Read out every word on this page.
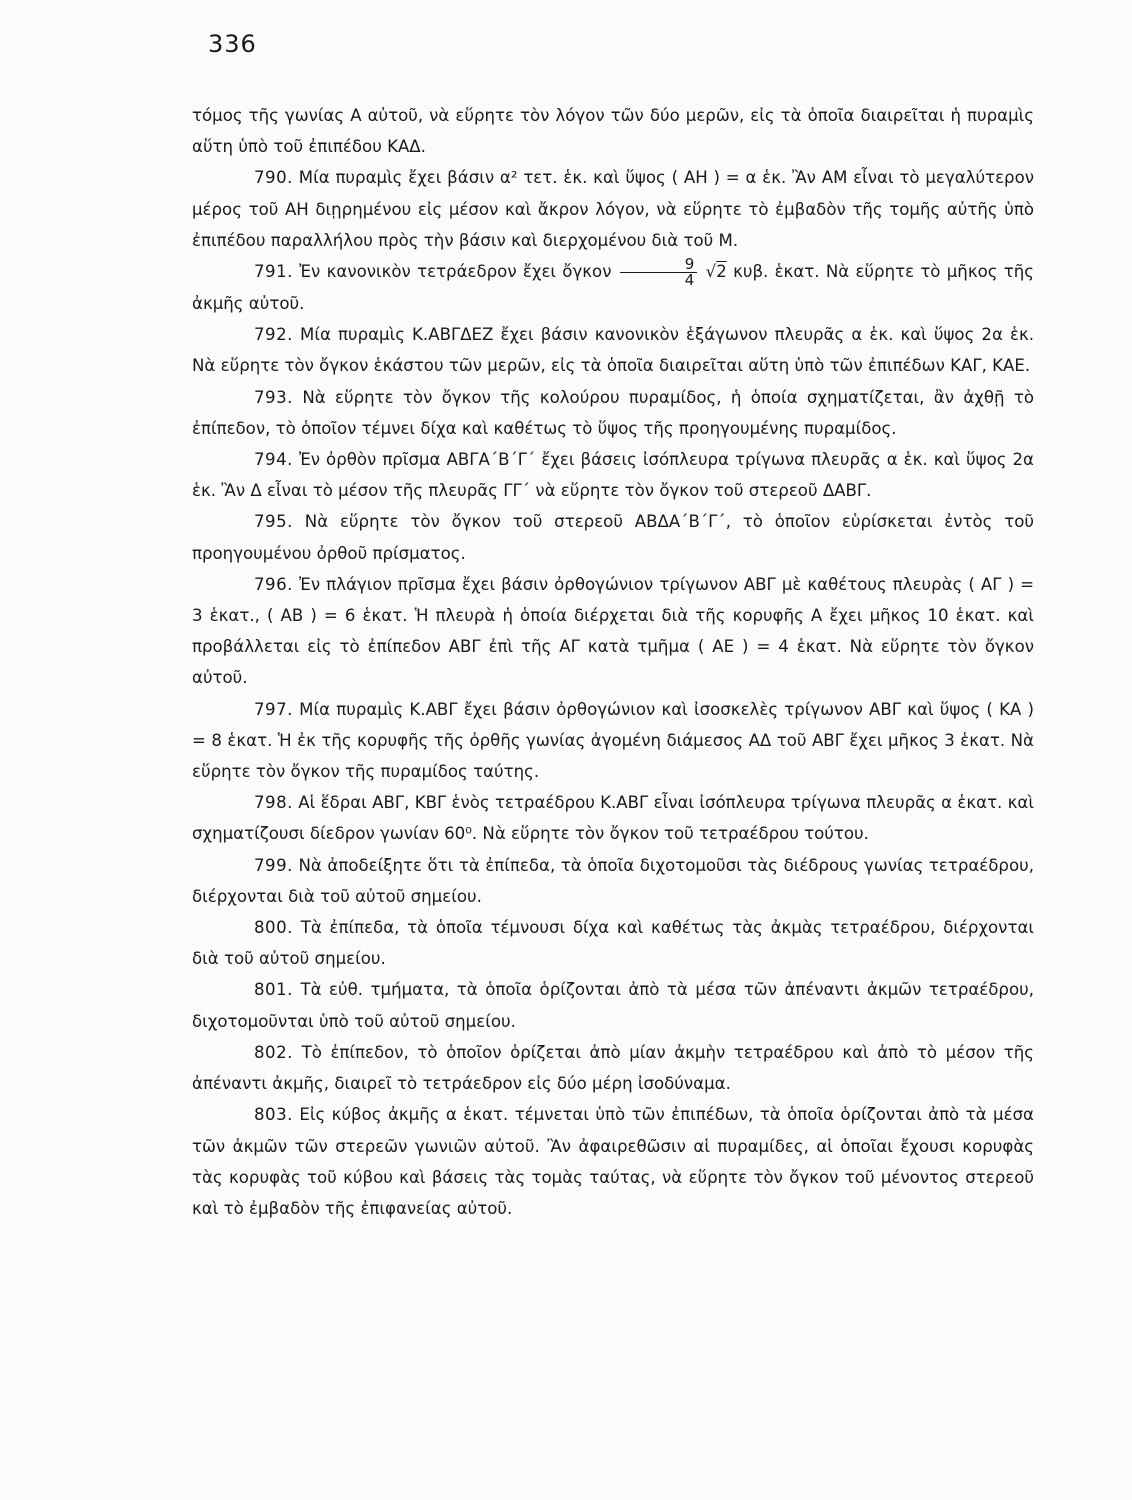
336

τόμος τῆς γωνίας Α αὐτοῦ, νὰ εὕρητε τὸν λόγον τῶν δύο μερῶν, εἰς τὰ ὁποῖα διαιρεῖται ἡ πυραμὶς αὕτη ὑπὸ τοῦ ἐπιπέδου ΚΑΔ.

790. Μία πυραμὶς ἔχει βάσιν α² τετ. ἑκ. καὶ ὕψος ( ΑΗ ) = α ἑκ. Ἂν ΑΜ εἶναι τὸ μεγαλύτερον μέρος τοῦ ΑΗ διῃρημένου εἰς μέσον καὶ ἄκρον λόγον, νὰ εὕρητε τὸ ἐμβαδὸν τῆς τομῆς αὐτῆς ὑπὸ ἐπιπέδου παραλλήλου πρὸς τὴν βάσιν καὶ διερχομένου διὰ τοῦ Μ.

791. Ἐν κανονικὸν τετράεδρον ἔχει ὄγκον $\frac{9}{4} √2$ κυβ. ἑκατ. Νὰ εὕρητε τὸ μῆκος τῆς ἀκμῆς αὐτοῦ.

792. Μία πυραμὶς Κ.ΑΒΓΔΕΖ ἔχει βάσιν κανονικὸν ἑξάγωνον πλευρᾶς α ἑκ. καὶ ὕψος 2α ἑκ. Νὰ εὕρητε τὸν ὄγκον ἑκάστου τῶν μερῶν, εἰς τὰ ὁποῖα διαιρεῖται αὕτη ὑπὸ τῶν ἐπιπέδων ΚΑΓ, ΚΑΕ.

793. Νὰ εὕρητε τὸν ὄγκον τῆς κολούρου πυραμίδος, ἡ ὁποία σχηματίζεται, ἂν ἀχθῇ τὸ ἐπίπεδον, τὸ ὁποῖον τέμνει δίχα καὶ καθέτως τὸ ὕψος τῆς προηγουμένης πυραμίδος.

794. Ἐν ὀρθὸν πρῖσμα ΑΒΓΑ΄Β΄Γ΄ ἔχει βάσεις ἰσόπλευρα τρίγωνα πλευρᾶς α ἑκ. καὶ ὕψος 2α ἑκ. Ἂν Δ εἶναι τὸ μέσον τῆς πλευρᾶς ΓΓ΄ νὰ εὕρητε τὸν ὄγκον τοῦ στερεοῦ ΔΑΒΓ.

795. Νὰ εὕρητε τὸν ὄγκον τοῦ στερεοῦ ΑΒΔΑ΄Β΄Γ΄, τὸ ὁποῖον εὑρίσκεται ἐντὸς τοῦ προηγουμένου ὀρθοῦ πρίσματος.

796. Ἐν πλάγιον πρῖσμα ἔχει βάσιν ὀρθογώνιον τρίγωνον ΑΒΓ μὲ καθέτους πλευρὰς ( ΑΓ ) = 3 ἑκατ., ( ΑΒ ) = 6 ἑκατ. Ἡ πλευρὰ ἡ ὁποία διέρχεται διὰ τῆς κορυφῆς Α ἔχει μῆκος 10 ἑκατ. καὶ προβάλλεται εἰς τὸ ἐπίπεδον ΑΒΓ ἐπὶ τῆς ΑΓ κατὰ τμῆμα ( ΑΕ ) = 4 ἑκατ. Νὰ εὕρητε τὸν ὄγκον αὐτοῦ.

797. Μία πυραμὶς Κ.ΑΒΓ ἔχει βάσιν ὀρθογώνιον καὶ ἰσοσκελὲς τρίγωνον ΑΒΓ καὶ ὕψος ( ΚΑ ) = 8 ἑκατ. Ἡ ἐκ τῆς κορυφῆς τῆς ὀρθῆς γωνίας ἀγομένη διάμεσος ΑΔ τοῦ ΑΒΓ ἔχει μῆκος 3 ἑκατ. Νὰ εὕρητε τὸν ὄγκον τῆς πυραμίδος ταύτης.

798. Αἱ ἕδραι ΑΒΓ, ΚΒΓ ἑνὸς τετραέδρου Κ.ΑΒΓ εἶναι ἰσόπλευρα τρίγωνα πλευρᾶς α ἑκατ. καὶ σχηματίζουσι δίεδρον γωνίαν 60⁰. Νὰ εὕρητε τὸν ὄγκον τοῦ τετραέδρου τούτου.

799. Νὰ ἀποδείξητε ὅτι τὰ ἐπίπεδα, τὰ ὁποῖα διχοτομοῦσι τὰς διέδρους γωνίας τετραέδρου, διέρχονται διὰ τοῦ αὐτοῦ σημείου.

800. Τὰ ἐπίπεδα, τὰ ὁποῖα τέμνουσι δίχα καὶ καθέτως τὰς ἀκμὰς τετραέδρου, διέρχονται διὰ τοῦ αὐτοῦ σημείου.

801. Τὰ εὐθ. τμήματα, τὰ ὁποῖα ὁρίζονται ἀπὸ τὰ μέσα τῶν ἀπέναντι ἀκμῶν τετραέδρου, διχοτομοῦνται ὑπὸ τοῦ αὐτοῦ σημείου.

802. Τὸ ἐπίπεδον, τὸ ὁποῖον ὁρίζεται ἀπὸ μίαν ἀκμὴν τετραέδρου καὶ ἀπὸ τὸ μέσον τῆς ἀπέναντι ἀκμῆς, διαιρεῖ τὸ τετράεδρον εἰς δύο μέρη ἰσοδύναμα.

803. Εἰς κύβος ἀκμῆς α ἑκατ. τέμνεται ὑπὸ τῶν ἐπιπέδων, τὰ ὁποῖα ὁρίζονται ἀπὸ τὰ μέσα τῶν ἀκμῶν τῶν στερεῶν γωνιῶν αὐτοῦ. Ἂν ἀφαιρεθῶσιν αἱ πυραμίδες, αἱ ὁποῖαι ἔχουσι κορυφὰς τὰς κορυφὰς τοῦ κύβου καὶ βάσεις τὰς τομὰς ταύτας, νὰ εὕρητε τὸν ὄγκον τοῦ μένοντος στερεοῦ καὶ τὸ ἐμβαδὸν τῆς ἐπιφανείας αὐτοῦ.
